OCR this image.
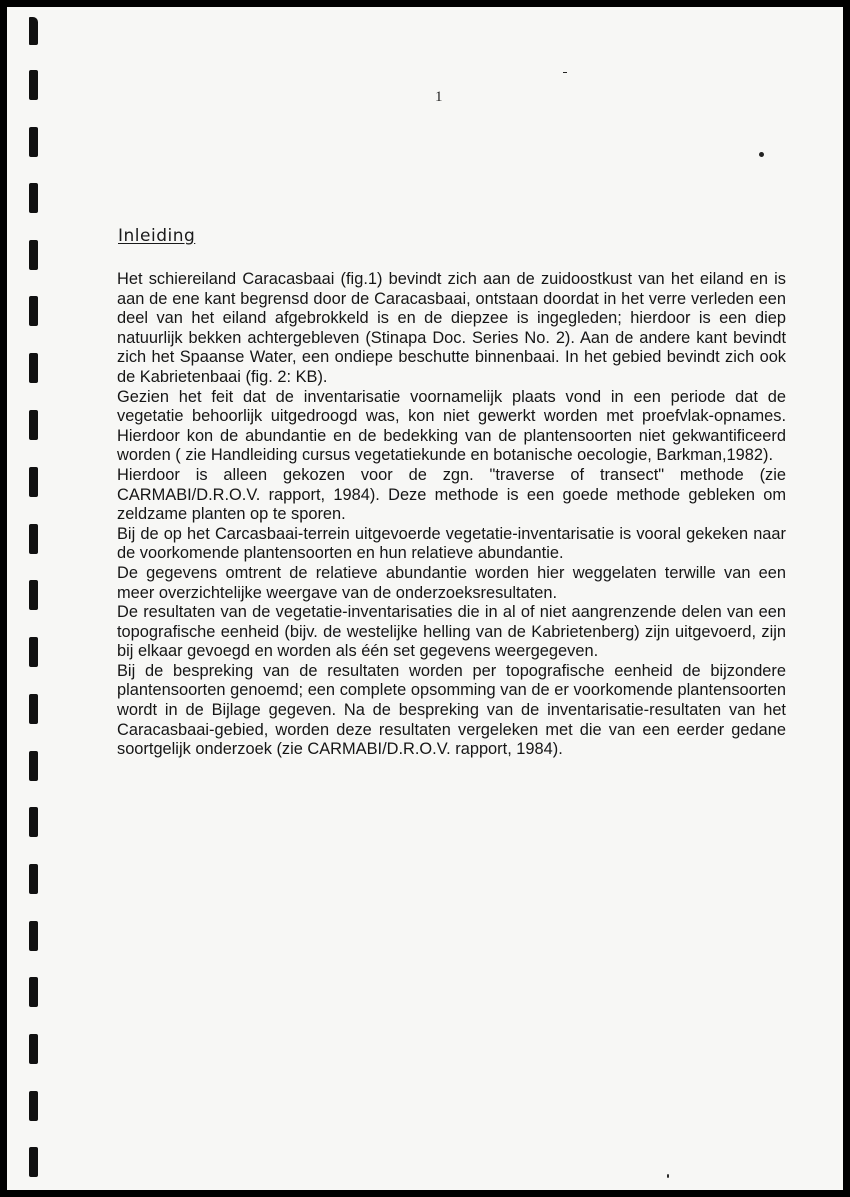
1
Inleiding

Het schiereiland Caracasbaai (fig.1) bevindt zich aan de zuidoostkust van het eiland en is aan de ene kant begrensd door de Caracasbaai, ontstaan doordat in het verre verleden een deel van het eiland afgebrokkeld is en de diepzee is ingegleden; hierdoor is een diep natuurlijk bekken achtergebleven (Stinapa Doc. Series No. 2). Aan de andere kant bevindt zich het Spaanse Water, een ondiepe beschutte binnenbaai. In het gebied bevindt zich ook de Kabrietenbaai (fig. 2: KB).

Gezien het feit dat de inventarisatie voornamelijk plaats vond in een periode dat de vegetatie behoorlijk uitgedroogd was, kon niet gewerkt worden met proefvlak-opnames. Hierdoor kon de abundantie en de bedekking van de plantensoorten niet gekwantificeerd worden ( zie Handleiding cursus vegetatiekunde en botanische oecologie, Barkman,1982).

Hierdoor is alleen gekozen voor de zgn. "traverse of transect" methode (zie CARMABI/D.R.O.V. rapport, 1984). Deze methode is een goede methode gebleken om zeldzame planten op te sporen.

Bij de op het Carcasbaai-terrein uitgevoerde vegetatie-inventarisatie is vooral gekeken naar de voorkomende plantensoorten en hun relatieve abundantie.

De gegevens omtrent de relatieve abundantie worden hier weggelaten terwille van een meer overzichtelijke weergave van de onderzoeksresultaten.

De resultaten van de vegetatie-inventarisaties die in al of niet aangrenzende delen van een topografische eenheid (bijv. de westelijke helling van de Kabrietenberg) zijn uitgevoerd, zijn bij elkaar gevoegd en worden als één set gegevens weergegeven.

Bij de bespreking van de resultaten worden per topografische eenheid de bijzondere plantensoorten genoemd; een complete opsomming van de er voorkomende plantensoorten wordt in de Bijlage gegeven. Na de bespreking van de inventarisatie-resultaten van het Caracasbaai-gebied, worden deze resultaten vergeleken met die van een eerder gedane soortgelijk onderzoek (zie CARMABI/D.R.O.V. rapport, 1984).
